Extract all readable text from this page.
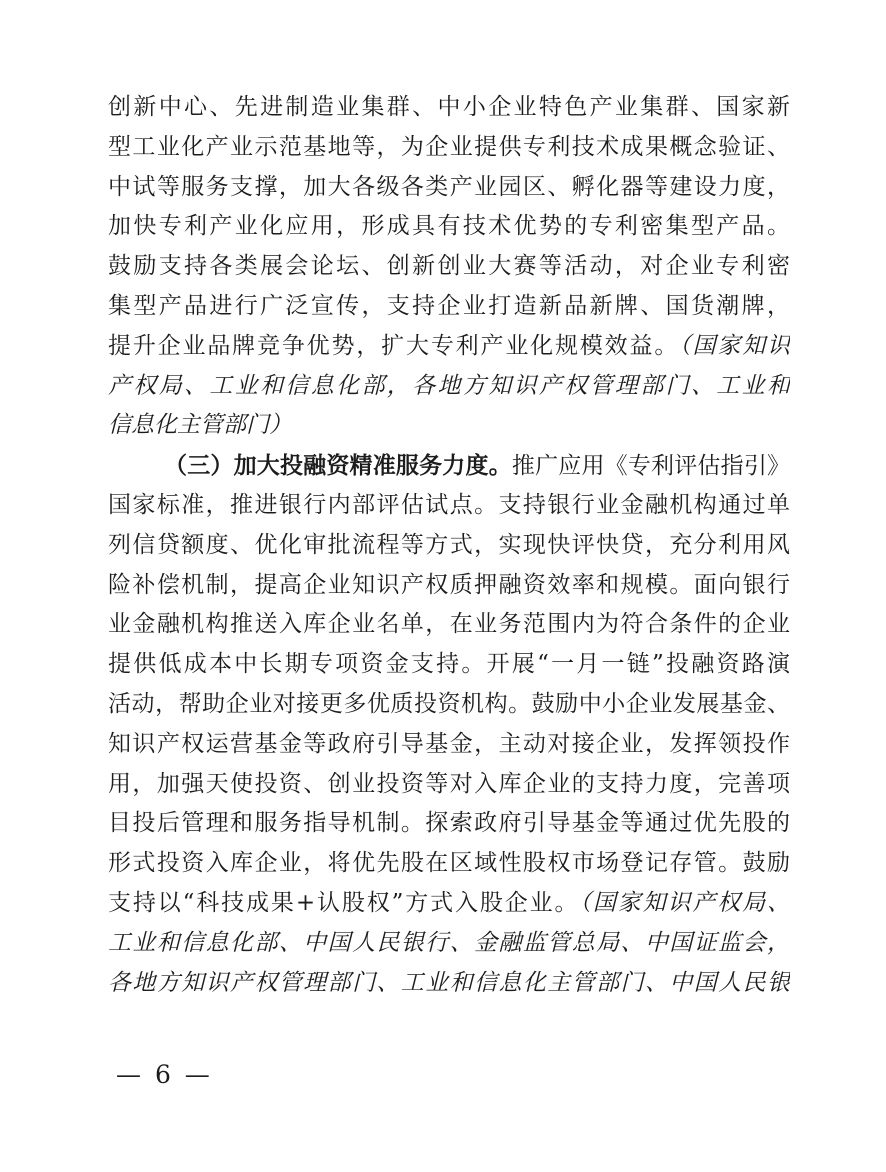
创新中心、先进制造业集群、中小企业特色产业集群、国家新

型工业化产业示范基地等，为企业提供专利技术成果概念验证、

中试等服务支撑，加大各级各类产业园区、孵化器等建设力度，

加快专利产业化应用，形成具有技术优势的专利密集型产品。

鼓励支持各类展会论坛、创新创业大赛等活动，对企业专利密

集型产品进行广泛宣传，支持企业打造新品新牌、国货潮牌，

提升企业品牌竞争优势，扩大专利产业化规模效益。（国家知识

产权局、工业和信息化部，各地方知识产权管理部门、工业和

信息化主管部门）

（三）加大投融资精准服务力度。推广应用《专利评估指引》

国家标准，推进银行内部评估试点。支持银行业金融机构通过单

列信贷额度、优化审批流程等方式，实现快评快贷，充分利用风

险补偿机制，提高企业知识产权质押融资效率和规模。面向银行

业金融机构推送入库企业名单，在业务范围内为符合条件的企业

提供低成本中长期专项资金支持。开展“一月一链”投融资路演

活动，帮助企业对接更多优质投资机构。鼓励中小企业发展基金、

知识产权运营基金等政府引导基金，主动对接企业，发挥领投作

用，加强天使投资、创业投资等对入库企业的支持力度，完善项

目投后管理和服务指导机制。探索政府引导基金等通过优先股的

形式投资入库企业，将优先股在区域性股权市场登记存管。鼓励

支持以“科技成果+认股权”方式入股企业。（国家知识产权局、

工业和信息化部、中国人民银行、金融监管总局、中国证监会，

各地方知识产权管理部门、工业和信息化主管部门、中国人民银

— 6 —
